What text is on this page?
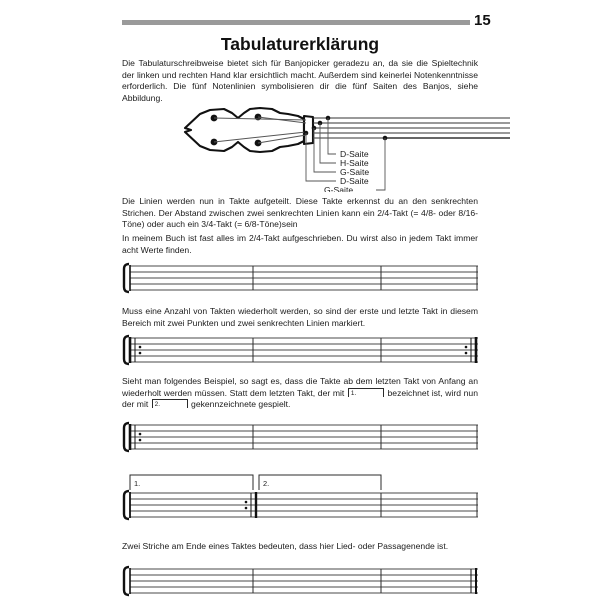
15
Tabulaturerklärung
Die Tabulaturschreibweise bietet sich für Banjopicker geradezu an, da sie die Spieltechnik der linken und rechten Hand klar ersichtlich macht. Außerdem sind keinerlei Notenkenntnisse erforderlich. Die fünf Notenlinien symbolisieren dir die fünf Saiten des Banjos, siehe Abbildung.
D-Saite
H-Saite
G-Saite
D-Saite
G-Saite
Die Linien werden nun in Takte aufgeteilt. Diese Takte erkennst du an den senkrechten Strichen. Der Abstand zwischen zwei senkrechten Linien kann ein 2/4-Takt (= 4/8- oder 8/16-Töne) oder auch ein 3/4-Takt (= 6/8-Töne)sein
In meinem Buch ist fast alles im 2/4-Takt aufgeschrieben. Du wirst also in jedem Takt immer acht Werte finden.
Muss eine Anzahl von Takten wiederholt werden, so sind der erste und letzte Takt in diesem Bereich mit zwei Punkten und zwei senkrechten Linien markiert.
Sieht man folgendes Beispiel, so sagt es, dass die Takte ab dem letzten Takt von Anfang an wiederholt werden müssen. Statt dem letzten Takt, der mit 1.	bezeichnet ist, wird nun der mit 2.	gekennzeichnete gespielt.
1.	2.
Zwei Striche am Ende eines Taktes bedeuten, dass hier Lied- oder Passagenende ist.
